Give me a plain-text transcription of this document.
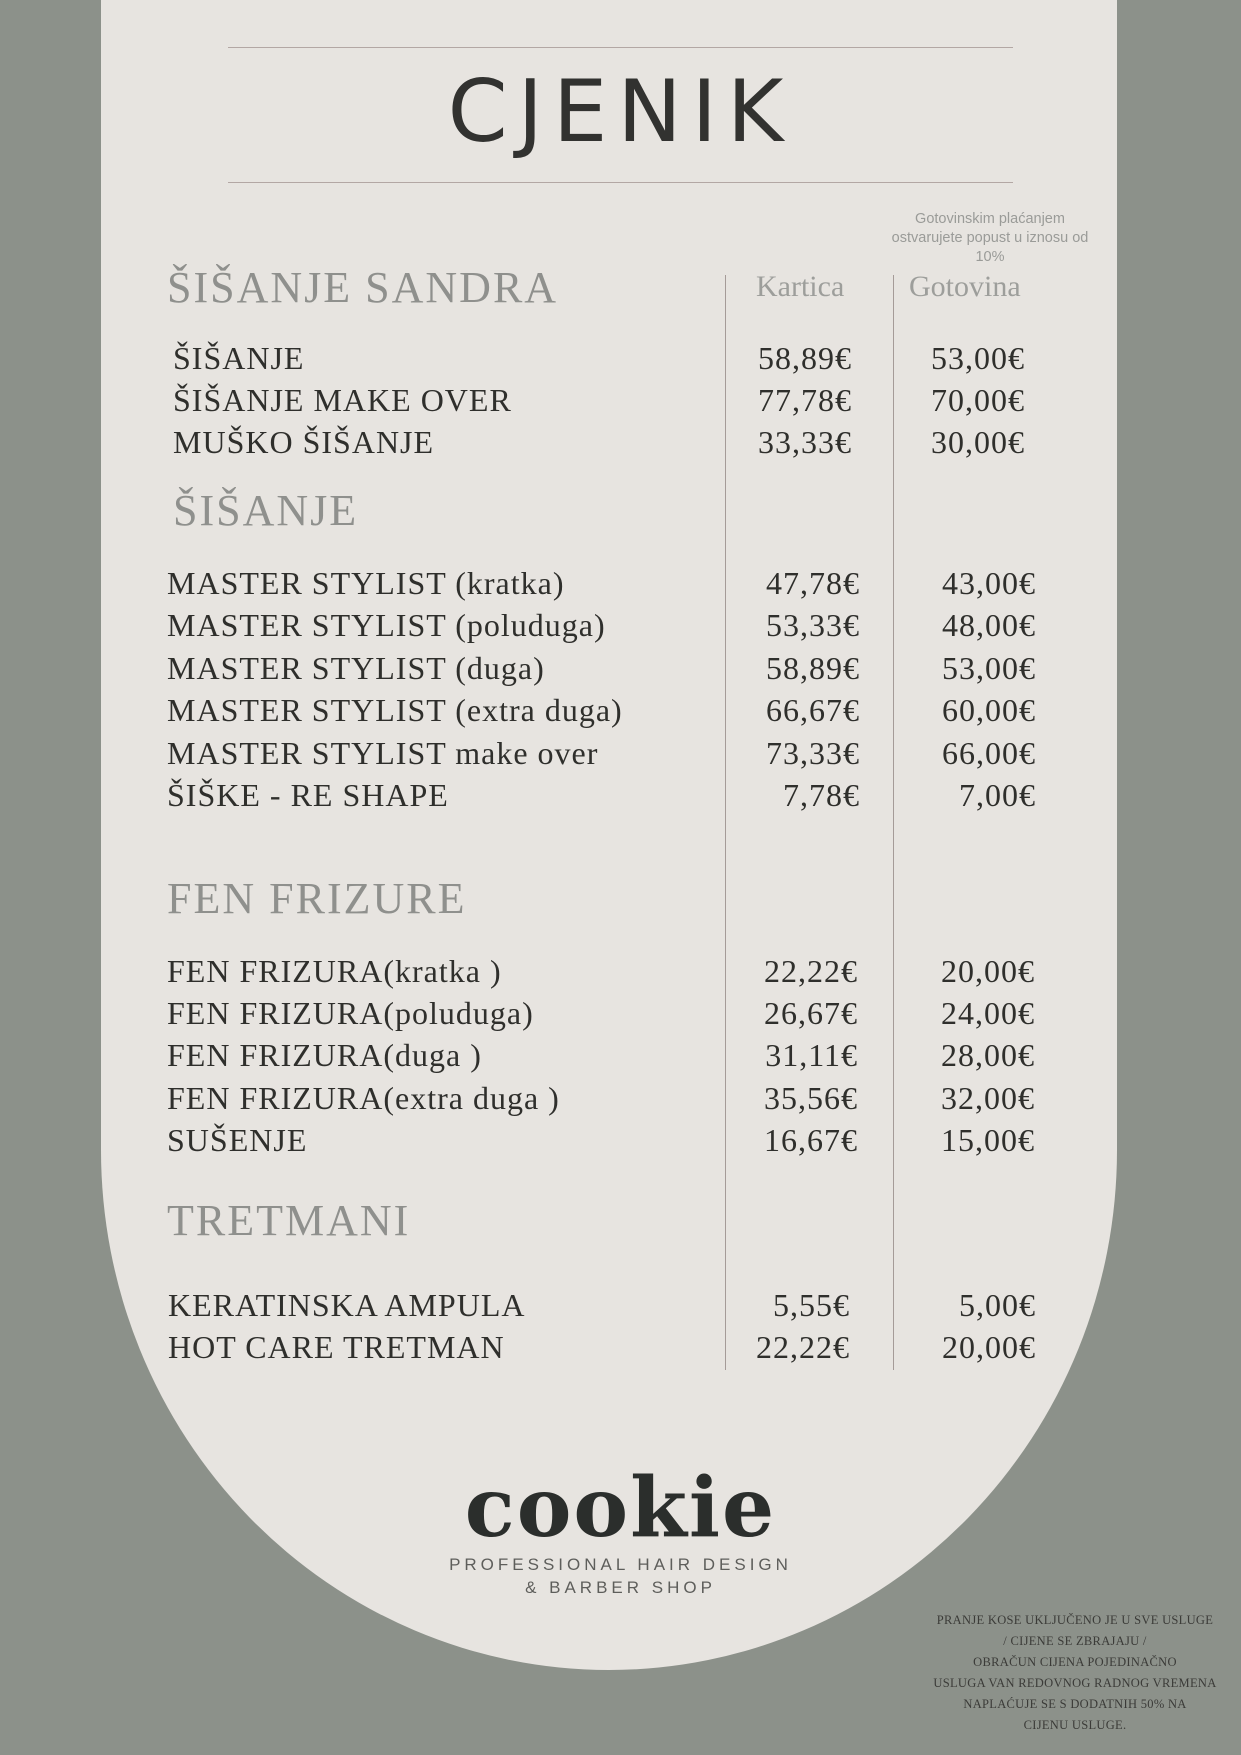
CJENIK
Gotovinskim plaćanjem ostvarujete popust u iznosu od 10%
Kartica Gotovina
ŠIŠANJE SANDRA
ŠIŠANJE	58,89€ 53,00€
ŠIŠANJE MAKE OVER	77,78€ 70,00€
MUŠKO ŠIŠANJE	33,33€ 30,00€
ŠIŠANJE
MASTER STYLIST (kratka)	47,78€	43,00€
MASTER STYLIST (poluduga)	53,33€	48,00€
MASTER STYLIST (duga)	58,89€	53,00€
MASTER STYLIST (extra duga)	66,67€	60,00€
MASTER STYLIST make over	73,33€	66,00€
ŠIŠKE - RE SHAPE	7,78€	7,00€
FEN FRIZURE
FEN FRIZURA(kratka )	22,22€	20,00€
FEN FRIZURA(poluduga)	26,67€	24,00€
FEN FRIZURA(duga )	31,11€	28,00€
FEN FRIZURA(extra duga )	35,56€	32,00€
SUŠENJE	16,67€	15,00€
TRETMANI
KERATINSKA AMPULA	5,55€	5,00€
HOT CARE TRETMAN	22,22€	20,00€
cookie
PROFESSIONAL HAIR DESIGN
& BARBER SHOP
PRANJE KOSE UKLJUČENO JE U SVE USLUGE
/ CIJENE SE ZBRAJAJU /
OBRAČUN CIJENA POJEDINAČNO
USLUGA VAN REDOVNOG RADNOG VREMENA
NAPLAĆUJE SE S DODATNIH 50% NA
CIJENU USLUGE.
